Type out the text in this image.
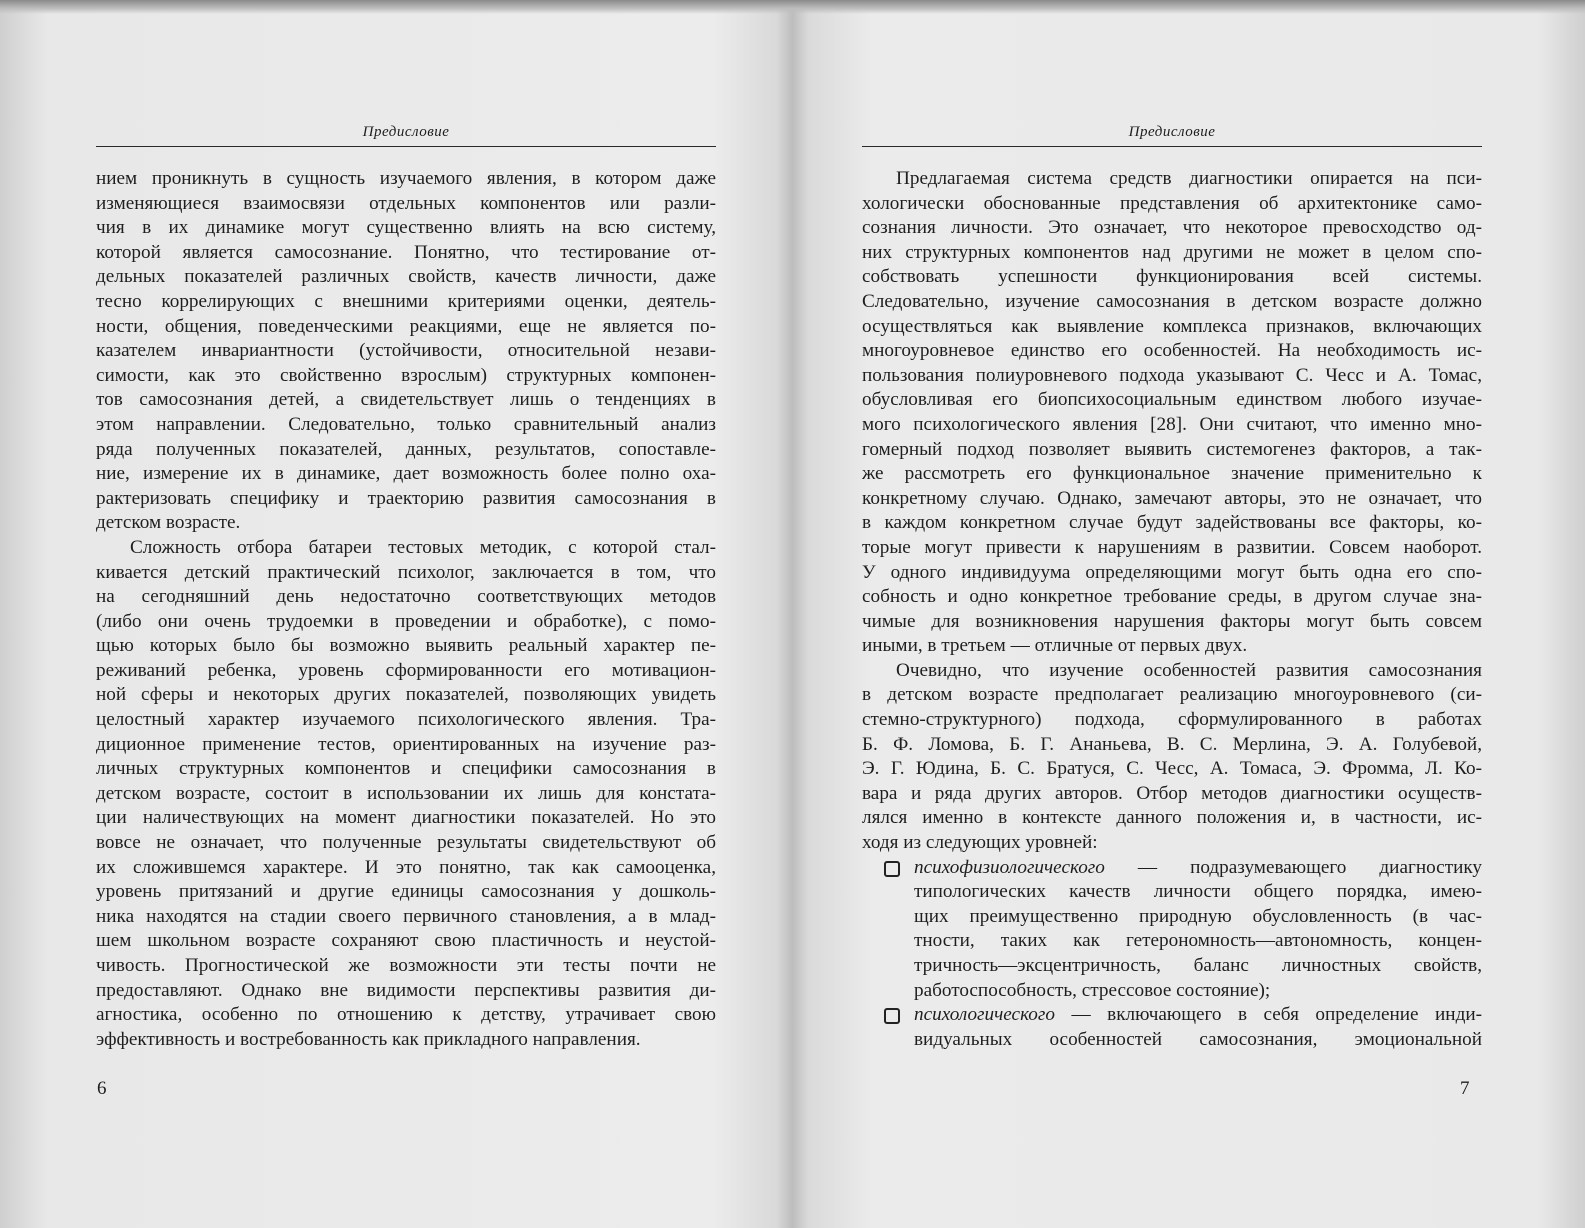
Предисловие
нием проникнуть в сущность изучаемого явления, в котором даже
изменяющиеся взаимосвязи отдельных компонентов или разли-
чия в их динамике могут существенно влиять на всю систему,
которой является самосознание. Понятно, что тестирование от-
дельных показателей различных свойств, качеств личности, даже
тесно коррелирующих с внешними критериями оценки, деятель-
ности, общения, поведенческими реакциями, еще не является по-
казателем инвариантности (устойчивости, относительной незави-
симости, как это свойственно взрослым) структурных компонен-
тов самосознания детей, а свидетельствует лишь о тенденциях в
этом направлении. Следовательно, только сравнительный анализ
ряда полученных показателей, данных, результатов, сопоставле-
ние, измерение их в динамике, дает возможность более полно оха-
рактеризовать специфику и траекторию развития самосознания в
детском возрасте.
Сложность отбора батареи тестовых методик, с которой стал-
кивается детский практический психолог, заключается в том, что
на сегодняшний день недостаточно соответствующих методов
(либо они очень трудоемки в проведении и обработке), с помо-
щью которых было бы возможно выявить реальный характер пе-
реживаний ребенка, уровень сформированности его мотивацион-
ной сферы и некоторых других показателей, позволяющих увидеть
целостный характер изучаемого психологического явления. Тра-
диционное применение тестов, ориентированных на изучение раз-
личных структурных компонентов и специфики самосознания в
детском возрасте, состоит в использовании их лишь для констата-
ции наличествующих на момент диагностики показателей. Но это
вовсе не означает, что полученные результаты свидетельствуют об
их сложившемся характере. И это понятно, так как самооценка,
уровень притязаний и другие единицы самосознания у дошколь-
ника находятся на стадии своего первичного становления, а в млад-
шем школьном возрасте сохраняют свою пластичность и неустой-
чивость. Прогностической же возможности эти тесты почти не
предоставляют. Однако вне видимости перспективы развития ди-
агностика, особенно по отношению к детству, утрачивает свою
эффективность и востребованность как прикладного направления.
6
Предисловие
Предлагаемая система средств диагностики опирается на пси-
хологически обоснованные представления об архитектонике само-
сознания личности. Это означает, что некоторое превосходство од-
них структурных компонентов над другими не может в целом спо-
собствовать успешности функционирования всей системы.
Следовательно, изучение самосознания в детском возрасте должно
осуществляться как выявление комплекса признаков, включающих
многоуровневое единство его особенностей. На необходимость ис-
пользования полиуровневого подхода указывают С. Чесс и А. Томас,
обусловливая его биопсихосоциальным единством любого изучае-
мого психологического явления [28]. Они считают, что именно мно-
гомерный подход позволяет выявить системогенез факторов, а так-
же рассмотреть его функциональное значение применительно к
конкретному случаю. Однако, замечают авторы, это не означает, что
в каждом конкретном случае будут задействованы все факторы, ко-
торые могут привести к нарушениям в развитии. Совсем наоборот.
У одного индивидуума определяющими могут быть одна его спо-
собность и одно конкретное требование среды, в другом случае зна-
чимые для возникновения нарушения факторы могут быть совсем
иными, в третьем — отличные от первых двух.
Очевидно, что изучение особенностей развития самосознания
в детском возрасте предполагает реализацию многоуровневого (си-
стемно-структурного) подхода, сформулированного в работах
Б. Ф. Ломова, Б. Г. Ананьева, В. С. Мерлина, Э. А. Голубевой,
Э. Г. Юдина, Б. С. Братуся, С. Чесс, А. Томаса, Э. Фромма, Л. Ко-
вара и ряда других авторов. Отбор методов диагностики осуществ-
лялся именно в контексте данного положения и, в частности, ис-
ходя из следующих уровней:
психофизиологического — подразумевающего диагностику
типологических качеств личности общего порядка, имею-
щих преимущественно природную обусловленность (в час-
тности, таких как гетерономность—автономность, концен-
тричность—эксцентричность, баланс личностных свойств,
работоспособность, стрессовое состояние);
психологического — включающего в себя определение инди-
видуальных особенностей самосознания, эмоциональной
7
